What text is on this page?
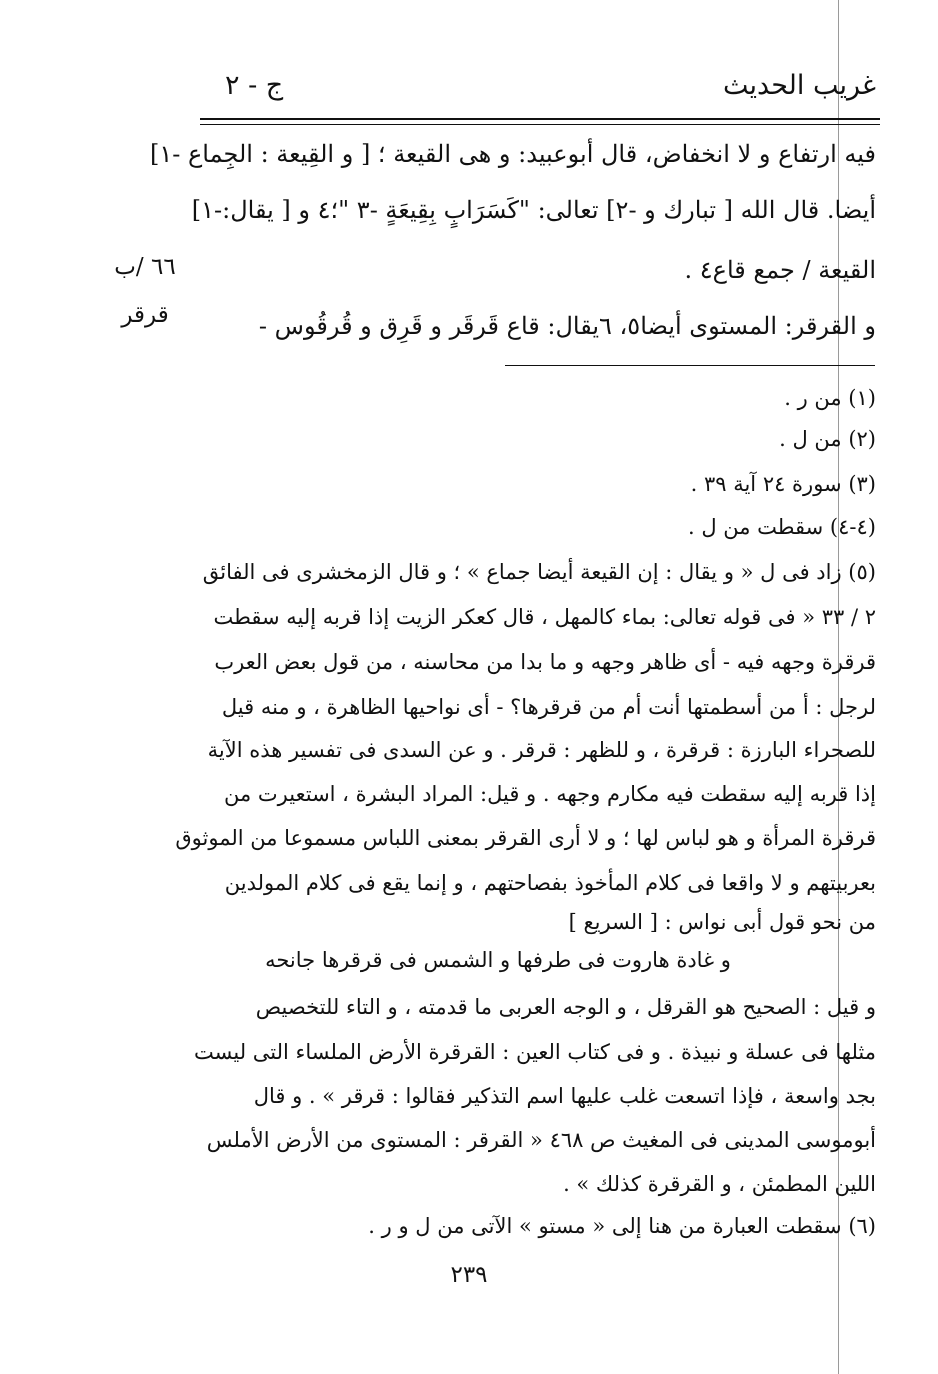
غريب الحديث
ج - ٢
فيه ارتفاع و لا انخفاض، قال أبوعبيد: و هى القيعة ؛ [ و القِيعة : الجِماع -١]
أيضا. قال الله [ تبارك و -٢] تعالى: "كَسَرَابٍ بِقِيعَةٍ -٣ "؛٤ و [ يقال:-١]
القيعة / جمع قاع٤ .
و القرقر: المستوى أيضا٥، ٦يقال: قاع قَرقَر و قَرِق و قُرقُوس -
٦٦ /ب
قرقر
(١) من ر .
(٢) من ل .
(٣) سورة ٢٤ آية ٣٩ .
(٤-٤) سقطت من ل .
(٥) زاد فى ل « و يقال : إن القيعة أيضا جماع » ؛ و قال الزمخشرى فى الفائق
٢ / ٣٣ « فى قوله تعالى: بماء كالمهل ، قال كعكر الزيت إذا قربه إليه سقطت
قرقرة وجهه فيه - أى ظاهر وجهه و ما بدا من محاسنه ، من قول بعض العرب
لرجل : أ من أسطمتها أنت أم من قرقرها؟ - أى نواحيها الظاهرة ، و منه قيل
للصحراء البارزة : قرقرة ، و للظهر : قرقر . و عن السدى فى تفسير هذه الآية
إذا قربه إليه سقطت فيه مكارم وجهه . و قيل: المراد البشرة ، استعيرت من
قرقرة المرأة و هو لباس لها ؛ و لا أرى القرقر بمعنى اللباس مسموعا من الموثوق
بعربيتهم و لا واقعا فى كلام المأخوذ بفصاحتهم ، و إنما يقع فى كلام المولدين
من نحو قول أبى نواس : [ السريع ]
و غادة هاروت فى طرفها و الشمس فى قرقرها جانحه
و قيل : الصحيح هو القرقل ، و الوجه العربى ما قدمته ، و التاء للتخصيص
مثلها فى عسلة و نبيذة . و فى كتاب العين : القرقرة الأرض الملساء التى ليست
بجد واسعة ، فإذا اتسعت غلب عليها اسم التذكير فقالوا : قرقر » . و قال
أبوموسى المدينى فى المغيث ص ٤٦٨ « القرقر : المستوى من الأرض الأملس
اللين المطمئن ، و القرقرة كذلك » .
(٦) سقطت العبارة من هنا إلى « مستو » الآتى من ل و ر .
٢٣٩
